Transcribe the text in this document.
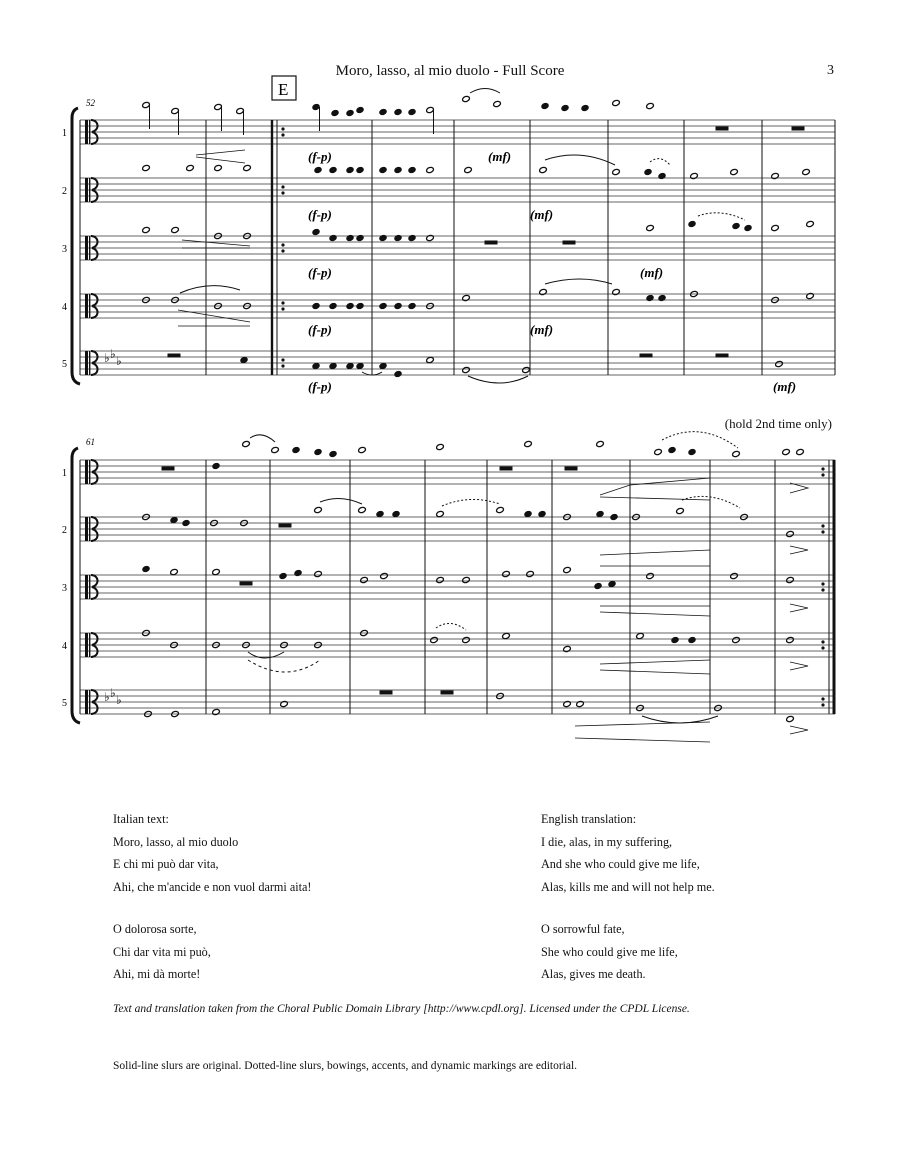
Moro, lasso, al mio duolo - Full Score	3
52
1
2
3
4
5	♭ ♭ ♭
E
(f-p)
(f-p)
(f-p)
(f-p)
(f-p)
(mf)
(mf)
(mf)
(mf)
(mf)
61
1
2
3
4
5	♭ ♭ ♭
(hold 2nd time only)
Italian text:
Moro, lasso, al mio duolo
E chi mi può dar vita,
Ahi, che m'ancide e non vuol darmi aita!
O dolorosa sorte,
Chi dar vita mi può,
Ahi, mi dà morte!
English translation:
I die, alas, in my suffering,
And she who could give me life,
Alas, kills me and will not help me.
O sorrowful fate,
She who could give me life,
Alas, gives me death.
Text and translation taken from the Choral Public Domain Library [http://www.cpdl.org]. Licensed under the CPDL License.
Solid-line slurs are original. Dotted-line slurs, bowings, accents, and dynamic markings are editorial.
